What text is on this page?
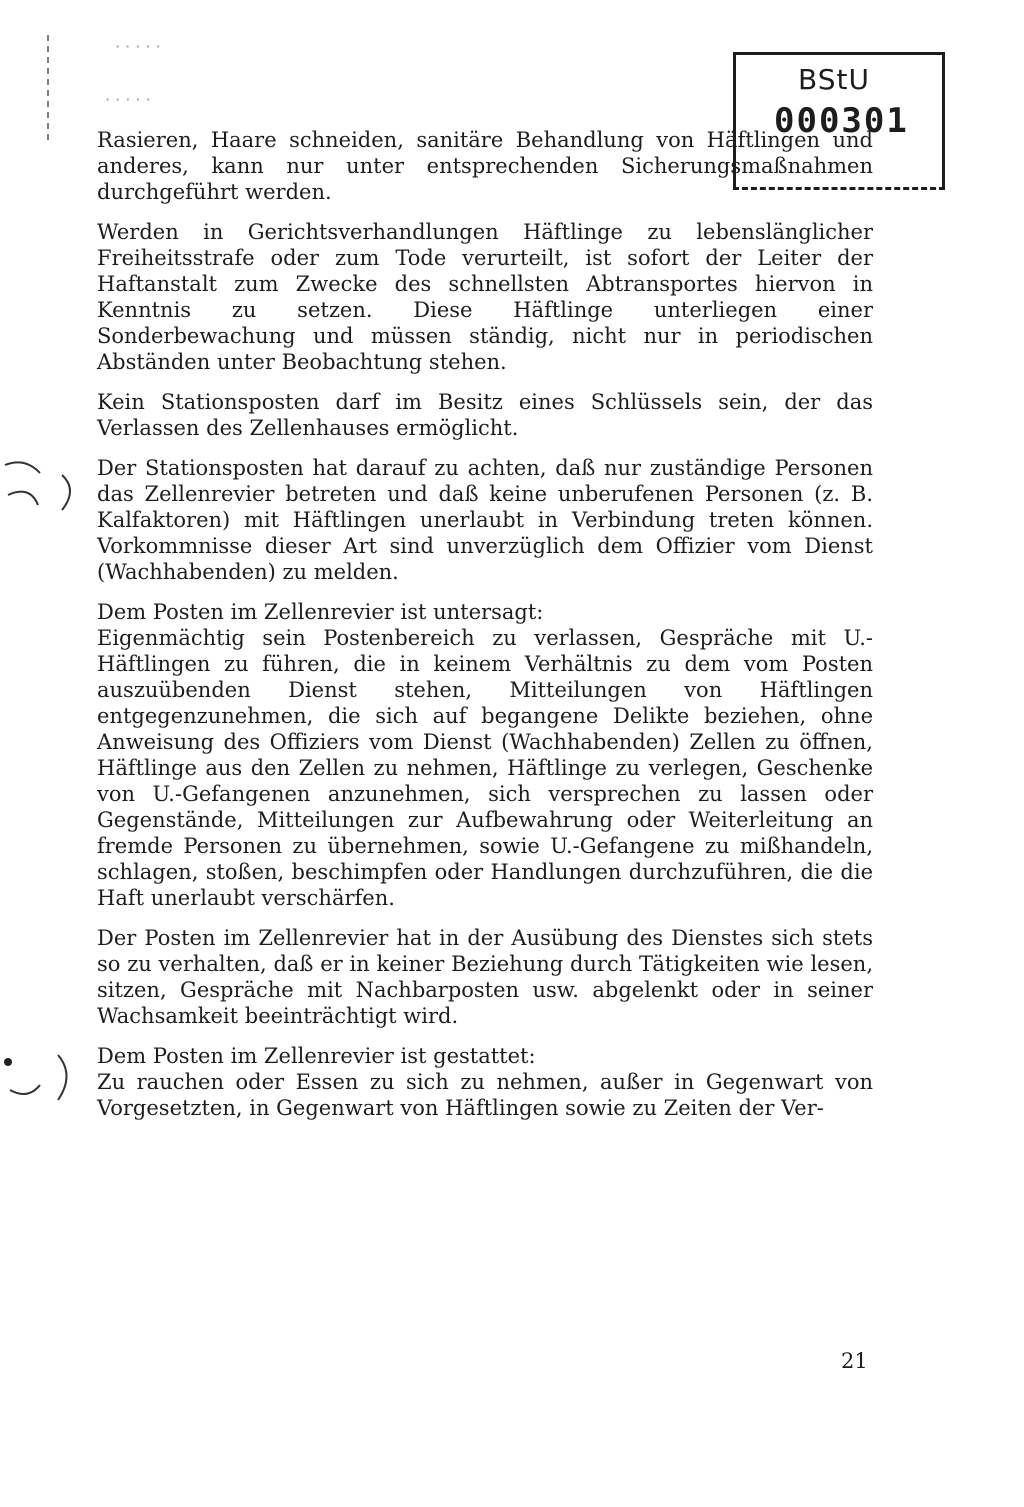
BStU
000301
· · · · ·
· · · · ·

Rasieren, Haare schneiden, sanitäre Behandlung von Häftlingen und anderes, kann nur unter entsprechenden Sicherungsmaßnahmen durchgeführt werden.

Werden in Gerichtsverhandlungen Häftlinge zu lebenslänglicher Freiheitsstrafe oder zum Tode verurteilt, ist sofort der Leiter der Haftanstalt zum Zwecke des schnellsten Abtransportes hiervon in Kenntnis zu setzen. Diese Häftlinge unterliegen einer Sonderbewachung und müssen ständig, nicht nur in periodischen Abständen unter Beobachtung stehen.

Kein Stationsposten darf im Besitz eines Schlüssels sein, der das Verlassen des Zellenhauses ermöglicht.

Der Stationsposten hat darauf zu achten, daß nur zuständige Personen das Zellenrevier betreten und daß keine unberufenen Personen (z. B. Kalfaktoren) mit Häftlingen unerlaubt in Verbindung treten können. Vorkommnisse dieser Art sind unverzüglich dem Offizier vom Dienst (Wachhabenden) zu melden.

Dem Posten im Zellenrevier ist untersagt:
Eigenmächtig sein Postenbereich zu verlassen, Gespräche mit U.-Häftlingen zu führen, die in keinem Verhältnis zu dem vom Posten auszuübenden Dienst stehen, Mitteilungen von Häftlingen entgegenzunehmen, die sich auf begangene Delikte beziehen, ohne Anweisung des Offiziers vom Dienst (Wachhabenden) Zellen zu öffnen, Häftlinge aus den Zellen zu nehmen, Häftlinge zu verlegen, Geschenke von U.-Gefangenen anzunehmen, sich versprechen zu lassen oder Gegenstände, Mitteilungen zur Aufbewahrung oder Weiterleitung an fremde Personen zu übernehmen, sowie U.-Gefangene zu mißhandeln, schlagen, stoßen, beschimpfen oder Handlungen durchzuführen, die die Haft unerlaubt verschärfen.

Der Posten im Zellenrevier hat in der Ausübung des Dienstes sich stets so zu verhalten, daß er in keiner Beziehung durch Tätigkeiten wie lesen, sitzen, Gespräche mit Nachbarposten usw. abgelenkt oder in seiner Wachsamkeit beeinträchtigt wird.

Dem Posten im Zellenrevier ist gestattet:
Zu rauchen oder Essen zu sich zu nehmen, außer in Gegenwart von Vorgesetzten, in Gegenwart von Häftlingen sowie zu Zeiten der Ver-

21
